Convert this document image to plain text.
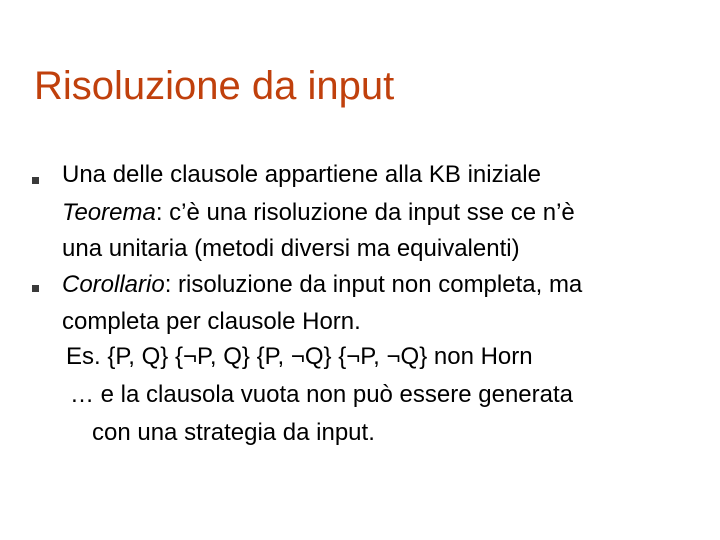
Risoluzione da input
Una delle clausole appartiene alla KB iniziale
Teorema: c’è una risoluzione da input sse ce n’è
una unitaria (metodi diversi ma equivalenti)
Corollario: risoluzione da input non completa, ma
completa per clausole Horn.
Es. {P, Q} {¬P, Q} {P, ¬Q} {¬P, ¬Q} non Horn
… e la clausola vuota non può essere generata
con una strategia da input.
